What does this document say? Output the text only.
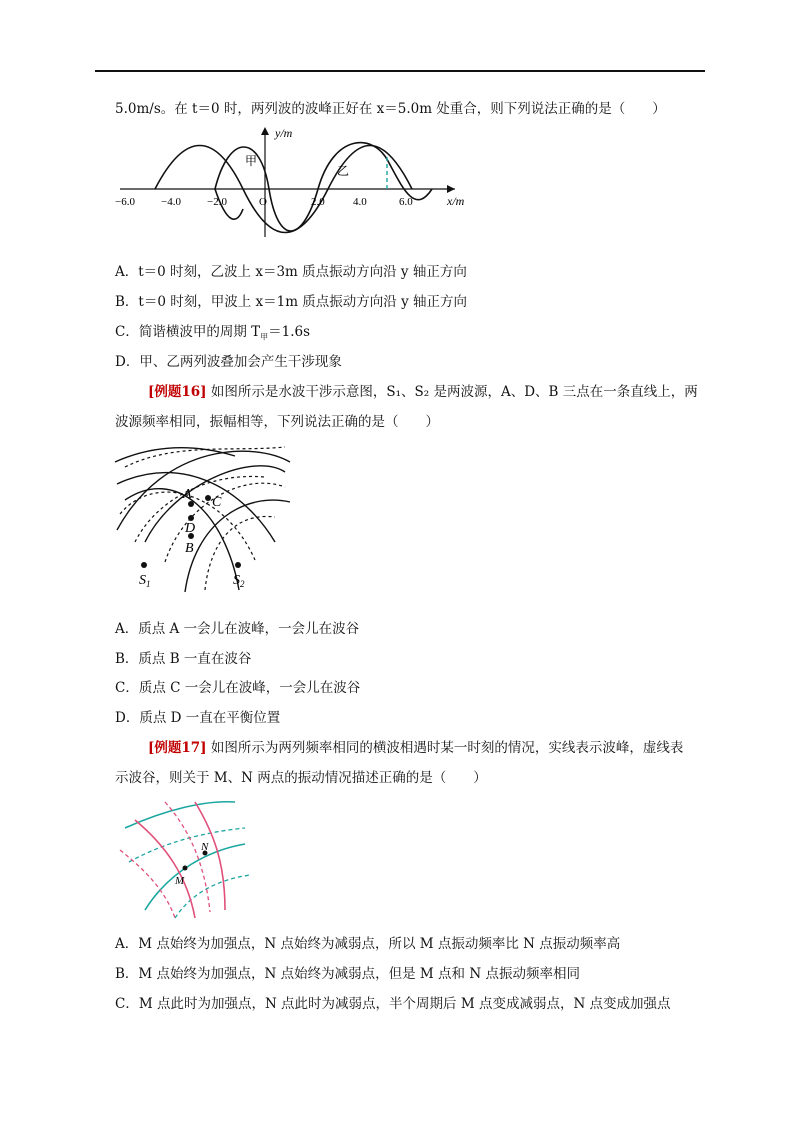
5.0m/s。在 t＝0 时，两列波的波峰正好在 x＝5.0m 处重合，则下列说法正确的是（　　）
y/m
x/m
O
−6.0 −4.0 −2.0	2.0	4.0	6.0
甲
乙
A．t＝0 时刻，乙波上 x＝3m 质点振动方向沿 y 轴正方向
B．t＝0 时刻，甲波上 x＝1m 质点振动方向沿 y 轴正方向
C．简谐横波甲的周期 $T_甲=1.6s$
D．甲、乙两列波叠加会产生干涉现象
[例题16] 如图所示是水波干涉示意图，S₁、S₂ 是两波源，A、D、B 三点在一条直线上，两
波源频率相同，振幅相等，下列说法正确的是（　　）
A
C
D
B
$S_1$	$S_2$
A．质点 A 一会儿在波峰，一会儿在波谷
B．质点 B 一直在波谷
C．质点 C 一会儿在波峰，一会儿在波谷
D．质点 D 一直在平衡位置
[例题17] 如图所示为两列频率相同的横波相遇时某一时刻的情况，实线表示波峰，虚线表
示波谷，则关于 M、N 两点的振动情况描述正确的是（　　）
M
N
A．M 点始终为加强点，N 点始终为减弱点，所以 M 点振动频率比 N 点振动频率高
B．M 点始终为加强点，N 点始终为减弱点，但是 M 点和 N 点振动频率相同
C．M 点此时为加强点，N 点此时为减弱点，半个周期后 M 点变成减弱点，N 点变成加强点
